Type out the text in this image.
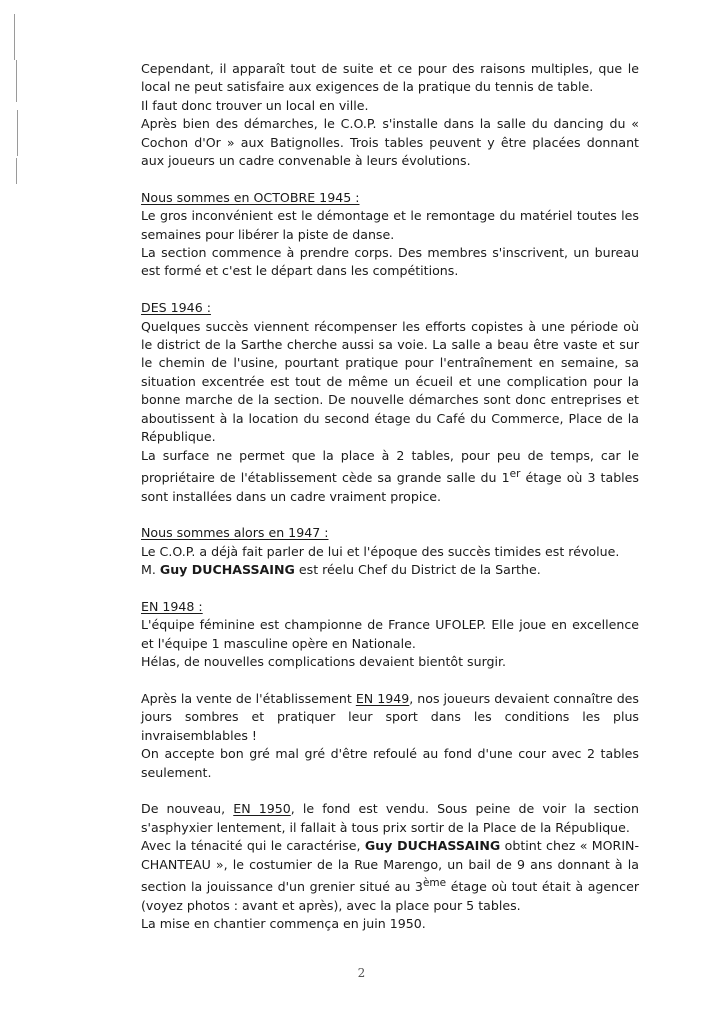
Cependant, il apparaît tout de suite et ce pour des raisons multiples, que le local ne peut satisfaire aux exigences de la pratique du tennis de table.

Il faut donc trouver un local en ville.

Après bien des démarches, le C.O.P. s'installe dans la salle du dancing du « Cochon d'Or » aux Batignolles. Trois tables peuvent y être placées donnant aux joueurs un cadre convenable à leurs évolutions.

Nous sommes en OCTOBRE 1945 :

Le gros inconvénient est le démontage et le remontage du matériel toutes les semaines pour libérer la piste de danse.

La section commence à prendre corps. Des membres s'inscrivent, un bureau est formé et c'est le départ dans les compétitions.

DES 1946 :

Quelques succès viennent récompenser les efforts copistes à une période où le district de la Sarthe cherche aussi sa voie. La salle a beau être vaste et sur le chemin de l'usine, pourtant pratique pour l'entraînement en semaine, sa situation excentrée est tout de même un écueil et une complication pour la bonne marche de la section. De nouvelle démarches sont donc entreprises et aboutissent à la location du second étage du Café du Commerce, Place de la République.

La surface ne permet que la place à 2 tables, pour peu de temps, car le propriétaire de l'établissement cède sa grande salle du 1er étage où 3 tables sont installées dans un cadre vraiment propice.

Nous sommes alors en 1947 :

Le C.O.P. a déjà fait parler de lui et l'époque des succès timides est révolue.

M. Guy DUCHASSAING est réelu Chef du District de la Sarthe.

EN 1948 :

L'équipe féminine est championne de France UFOLEP. Elle joue en excellence et l'équipe 1 masculine opère en Nationale.

Hélas, de nouvelles complications devaient bientôt surgir.

Après la vente de l'établissement EN 1949, nos joueurs devaient connaître des jours sombres et pratiquer leur sport dans les conditions les plus invraisemblables !

On accepte bon gré mal gré d'être refoulé au fond d'une cour avec 2 tables seulement.

De nouveau, EN 1950, le fond est vendu. Sous peine de voir la section s'asphyxier lentement, il fallait à tous prix sortir de la Place de la République.

Avec la ténacité qui le caractérise, Guy DUCHASSAING obtint chez « MORIN-CHANTEAU », le costumier de la Rue Marengo, un bail de 9 ans donnant à la section la jouissance d'un grenier situé au 3ème étage où tout était à agencer (voyez photos : avant et après), avec la place pour 5 tables.

La mise en chantier commença en juin 1950.

2
